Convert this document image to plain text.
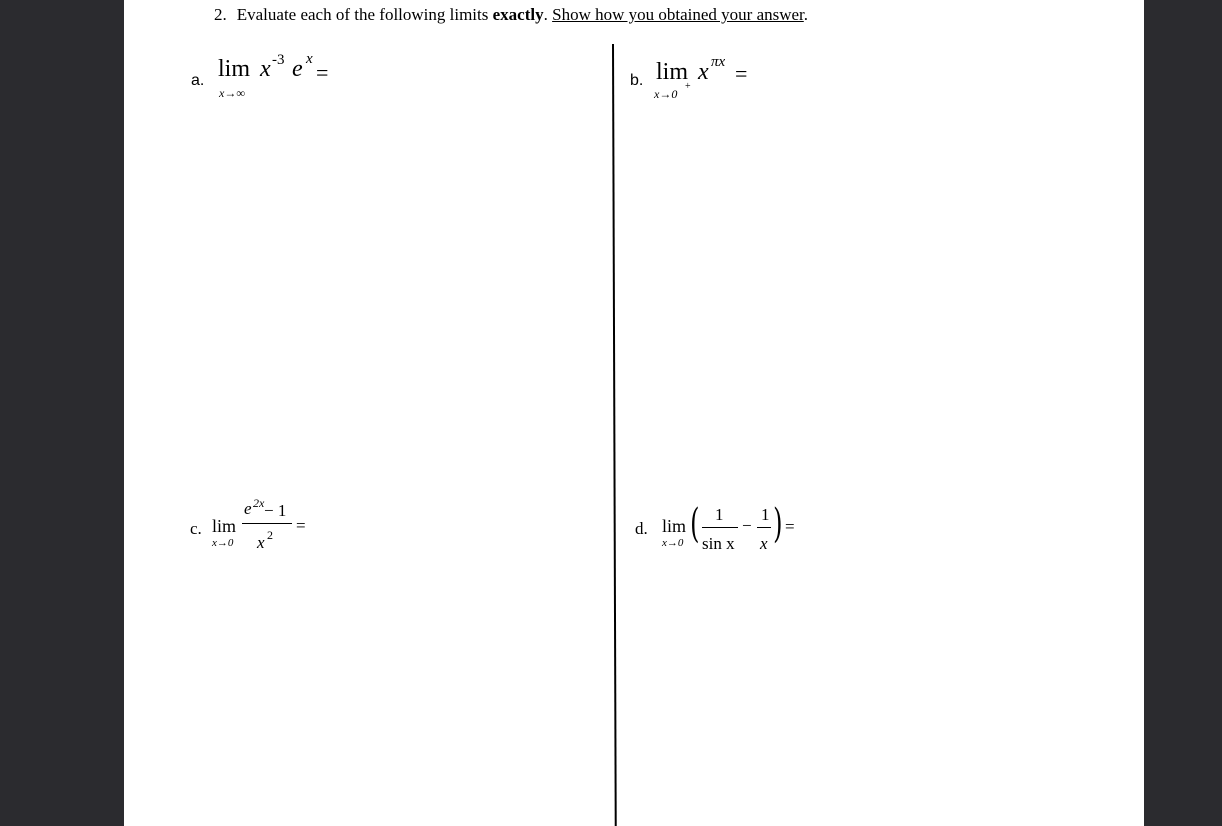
2. Evaluate each of the following limits exactly. Show how you obtained your answer.
a. lim x -3 e x
=
x→∞
b. lim x πx =
x→0
+
c. lim
x→0
e 2x − 1
x 2 =	d. lim
x→0 ( 1
sin x
−
1
x ) =
